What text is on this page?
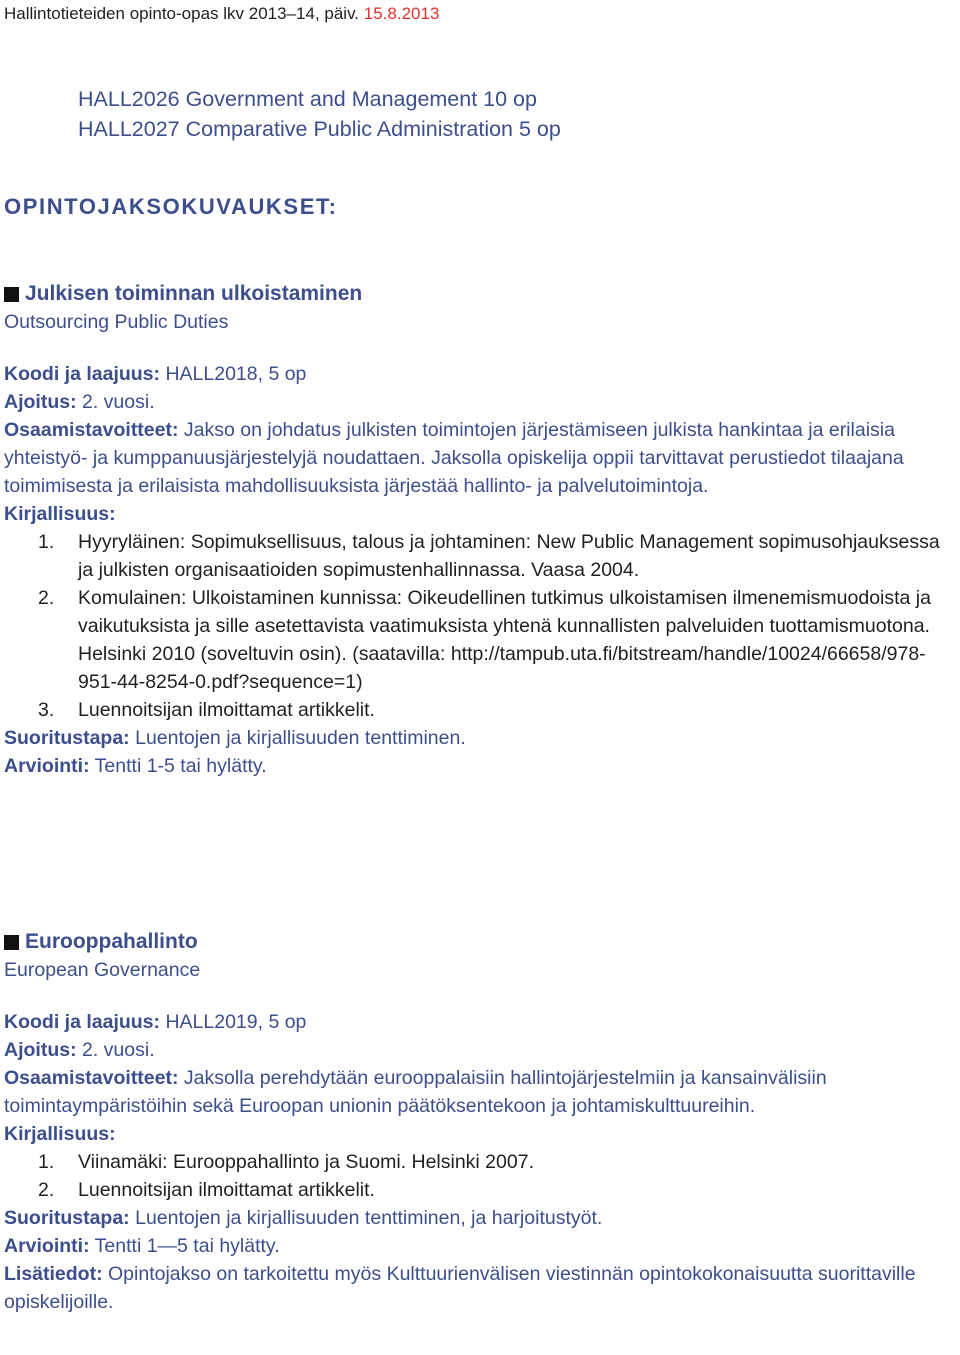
Hallintotieteiden opinto-opas lkv 2013–14, päiv. 15.8.2013
HALL2026 Government and Management 10 op
HALL2027 Comparative Public Administration 5 op
OPINTOJAKSOKUVAUKSET:
Julkisen toiminnan ulkoistaminen
Outsourcing Public Duties
Koodi ja laajuus: HALL2018, 5 op
Ajoitus: 2. vuosi.
Osaamistavoitteet: Jakso on johdatus julkisten toimintojen järjestämiseen julkista hankintaa ja erilaisia yhteistyö- ja kumppanuusjärjestelyjä noudattaen. Jaksolla opiskelija oppii tarvittavat perustiedot tilaajana toimimisesta ja erilaisista mahdollisuuksista järjestää hallinto- ja palvelutoimintoja.
Kirjallisuus:
1.	Hyyryläinen: Sopimuksellisuus, talous ja johtaminen: New Public Management sopimusohjauksessa ja julkisten organisaatioiden sopimustenhallinnassa. Vaasa 2004.
2.	Komulainen: Ulkoistaminen kunnissa: Oikeudellinen tutkimus ulkoistamisen ilmenemismuodoista ja vaikutuksista ja sille asetettavista vaatimuksista yhtenä kunnallisten palveluiden tuottamismuotona. Helsinki 2010 (soveltuvin osin). (saatavilla: http://tampub.uta.fi/bitstream/handle/10024/66658/978-951-44-8254-0.pdf?sequence=1)
3.	Luennoitsijan ilmoittamat artikkelit.
Suoritustapa: Luentojen ja kirjallisuuden tenttiminen.
Arviointi: Tentti 1-5 tai hylätty.
Eurooppahallinto
European Governance
Koodi ja laajuus: HALL2019, 5 op
Ajoitus: 2. vuosi.
Osaamistavoitteet: Jaksolla perehdytään eurooppalaisiin hallintojärjestelmiin ja kansainvälisiin toimintaympäristöihin sekä Euroopan unionin päätöksentekoon ja johtamiskulttuureihin.
Kirjallisuus:
1.	Viinamäki: Eurooppahallinto ja Suomi. Helsinki 2007.
2.	Luennoitsijan ilmoittamat artikkelit.
Suoritustapa: Luentojen ja kirjallisuuden tenttiminen, ja harjoitustyöt.
Arviointi: Tentti 1—5 tai hylätty.
Lisätiedot: Opintojakso on tarkoitettu myös Kulttuurienvälisen viestinnän opintokokonaisuutta suorittaville opiskelijoille.
